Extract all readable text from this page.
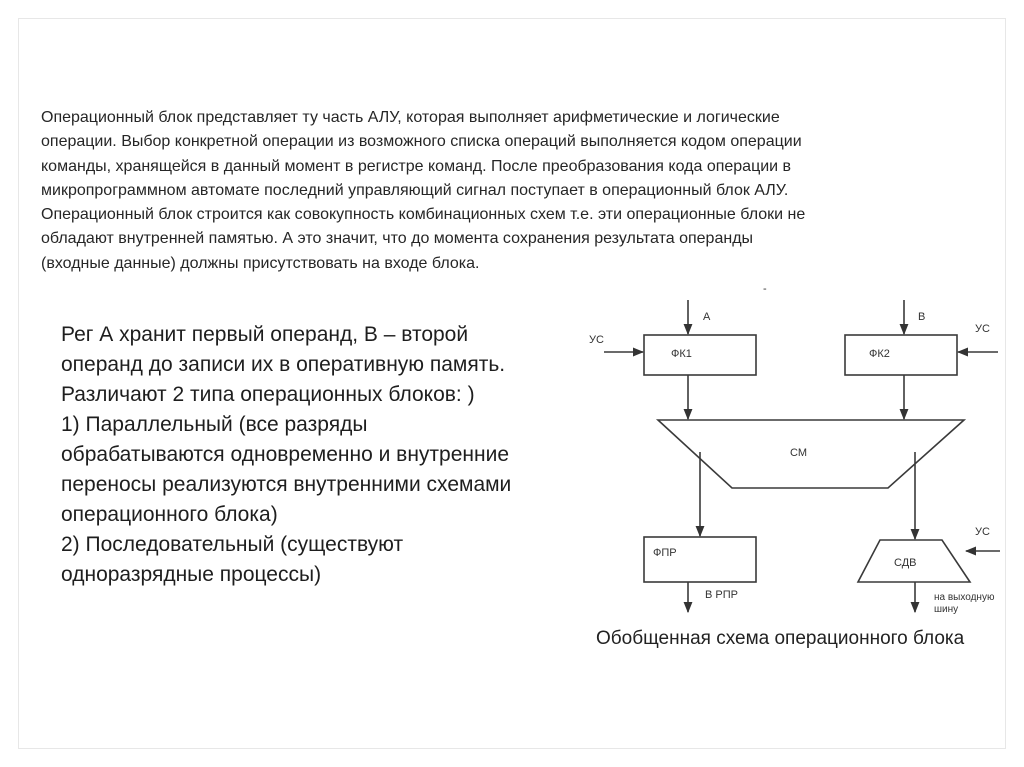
Операционный блок представляет ту часть АЛУ, которая выполняет арифметические и логические
операции. Выбор конкретной операции из возможного списка операций выполняется кодом операции
команды, хранящейся в данный момент в регистре команд. После преобразования кода операции в
микропрограммном автомате последний управляющий сигнал поступает в операционный блок АЛУ.
Операционный блок строится как совокупность комбинационных схем т.е. эти операционные блоки не
обладают внутренней памятью. А это значит, что до момента сохранения результата операнды
(входные данные) должны присутствовать на входе блока.
Рег А хранит первый операнд, В – второй
операнд до записи их в оперативную память.
Различают 2 типа операционных блоков: )
1) Параллельный (все разряды
обрабатываются одновременно и внутренние
переносы реализуются внутренними схемами
операционного блока)
2) Последовательный (существуют
одноразрядные процессы)
A	B
УС
УС
ФК1	ФК2
СМ
ФПР
СДВ
УС
В РПР	на выходную
шину
-
Обобщенная схема операционного блока
